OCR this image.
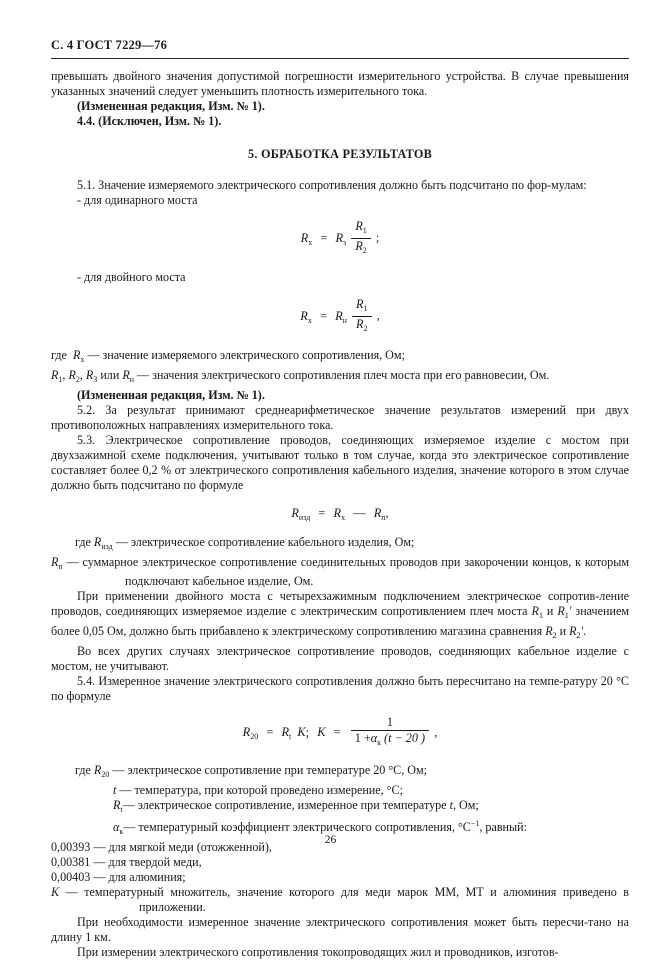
С. 4 ГОСТ 7229—76

превышать двойного значения допустимой погрешности измерительного устройства. В случае превышения указанных значений следует уменьшить плотность измерительного тока.

(Измененная редакция, Изм. № 1).

4.4. (Исключен, Изм. № 1).

5. ОБРАБОТКА РЕЗУЛЬТАТОВ

5.1. Значение измеряемого электрического сопротивления должно быть подсчитано по фор-мулам:

- для одинарного моста

$R_х = R_з \frac{R_1}{R_2}$ ;

- для двойного моста

$R_х = R_н \frac{R_1}{R_2}$ ,
где $R_х$ — значение измеряемого электрического сопротивления, Ом;
$R_1$, $R_2$, $R_3$ или $R_н$ — значения электрического сопротивления плеч моста при его равновесии, Ом.

(Измененная редакция, Изм. № 1).

5.2. За результат принимают среднеарифметическое значение результатов измерений при двух противоположных направлениях измерительного тока.

5.3. Электрическое сопротивление проводов, соединяющих измеряемое изделие с мостом при двухзажимной схеме подключения, учитывают только в том случае, когда это электрическое сопротивление составляет более 0,2 % от электрического сопротивления кабельного изделия, значение которого в этом случае должно быть подсчитано по формуле

$R_{изд} = R_х$ — $R_п$,
где $R_{изд}$ — электрическое сопротивление кабельного изделия, Ом;
$R_п$ — суммарное электрическое сопротивление соединительных проводов при закорочении концов, к которым подключают кабельное изделие, Ом.

При применении двойного моста с четырехзажимным подключением электрическое сопротив-ление проводов, соединяющих измеряемое изделие с электрическим сопротивлением плеч моста $R_1$ и $R_1'$ значением более 0,05 Ом, должно быть прибавлено к электрическому сопротивлению магазина сравнения $R_2$ и $R_2'$.

Во всех других случаях электрическое сопротивление проводов, соединяющих кабельное изделие с мостом, не учитывают.

5.4. Измеренное значение электрического сопротивления должно быть пересчитано на темпе-ратуру 20 °С по формуле

$R_{20} = R_t$ K; $K = \frac{1}{1 +\alpha_к (t - 20 )}$ ,
где $R_{20}$ — электрическое сопротивление при температуре 20 °С, Ом;
t — температура, при которой проведено измерение, °С;
$R_t—$ электрическое сопротивление, измеренное при температуре t, Ом;
$\alpha_к—$ температурный коэффициент электрического сопротивления, $^\circ С^{-1}$, равный:
0,00393 — для мягкой меди (отожженной),
0,00381 — для твердой меди,
0,00403 — для алюминия;
K — температурный множитель, значение которого для меди марок ММ, МТ и алюминия приведено в приложении.

При необходимости измеренное значение электрического сопротивления может быть пересчи-тано на длину 1 км.

При измерении электрического сопротивления токопроводящих жил и проводников, изготов-

26
